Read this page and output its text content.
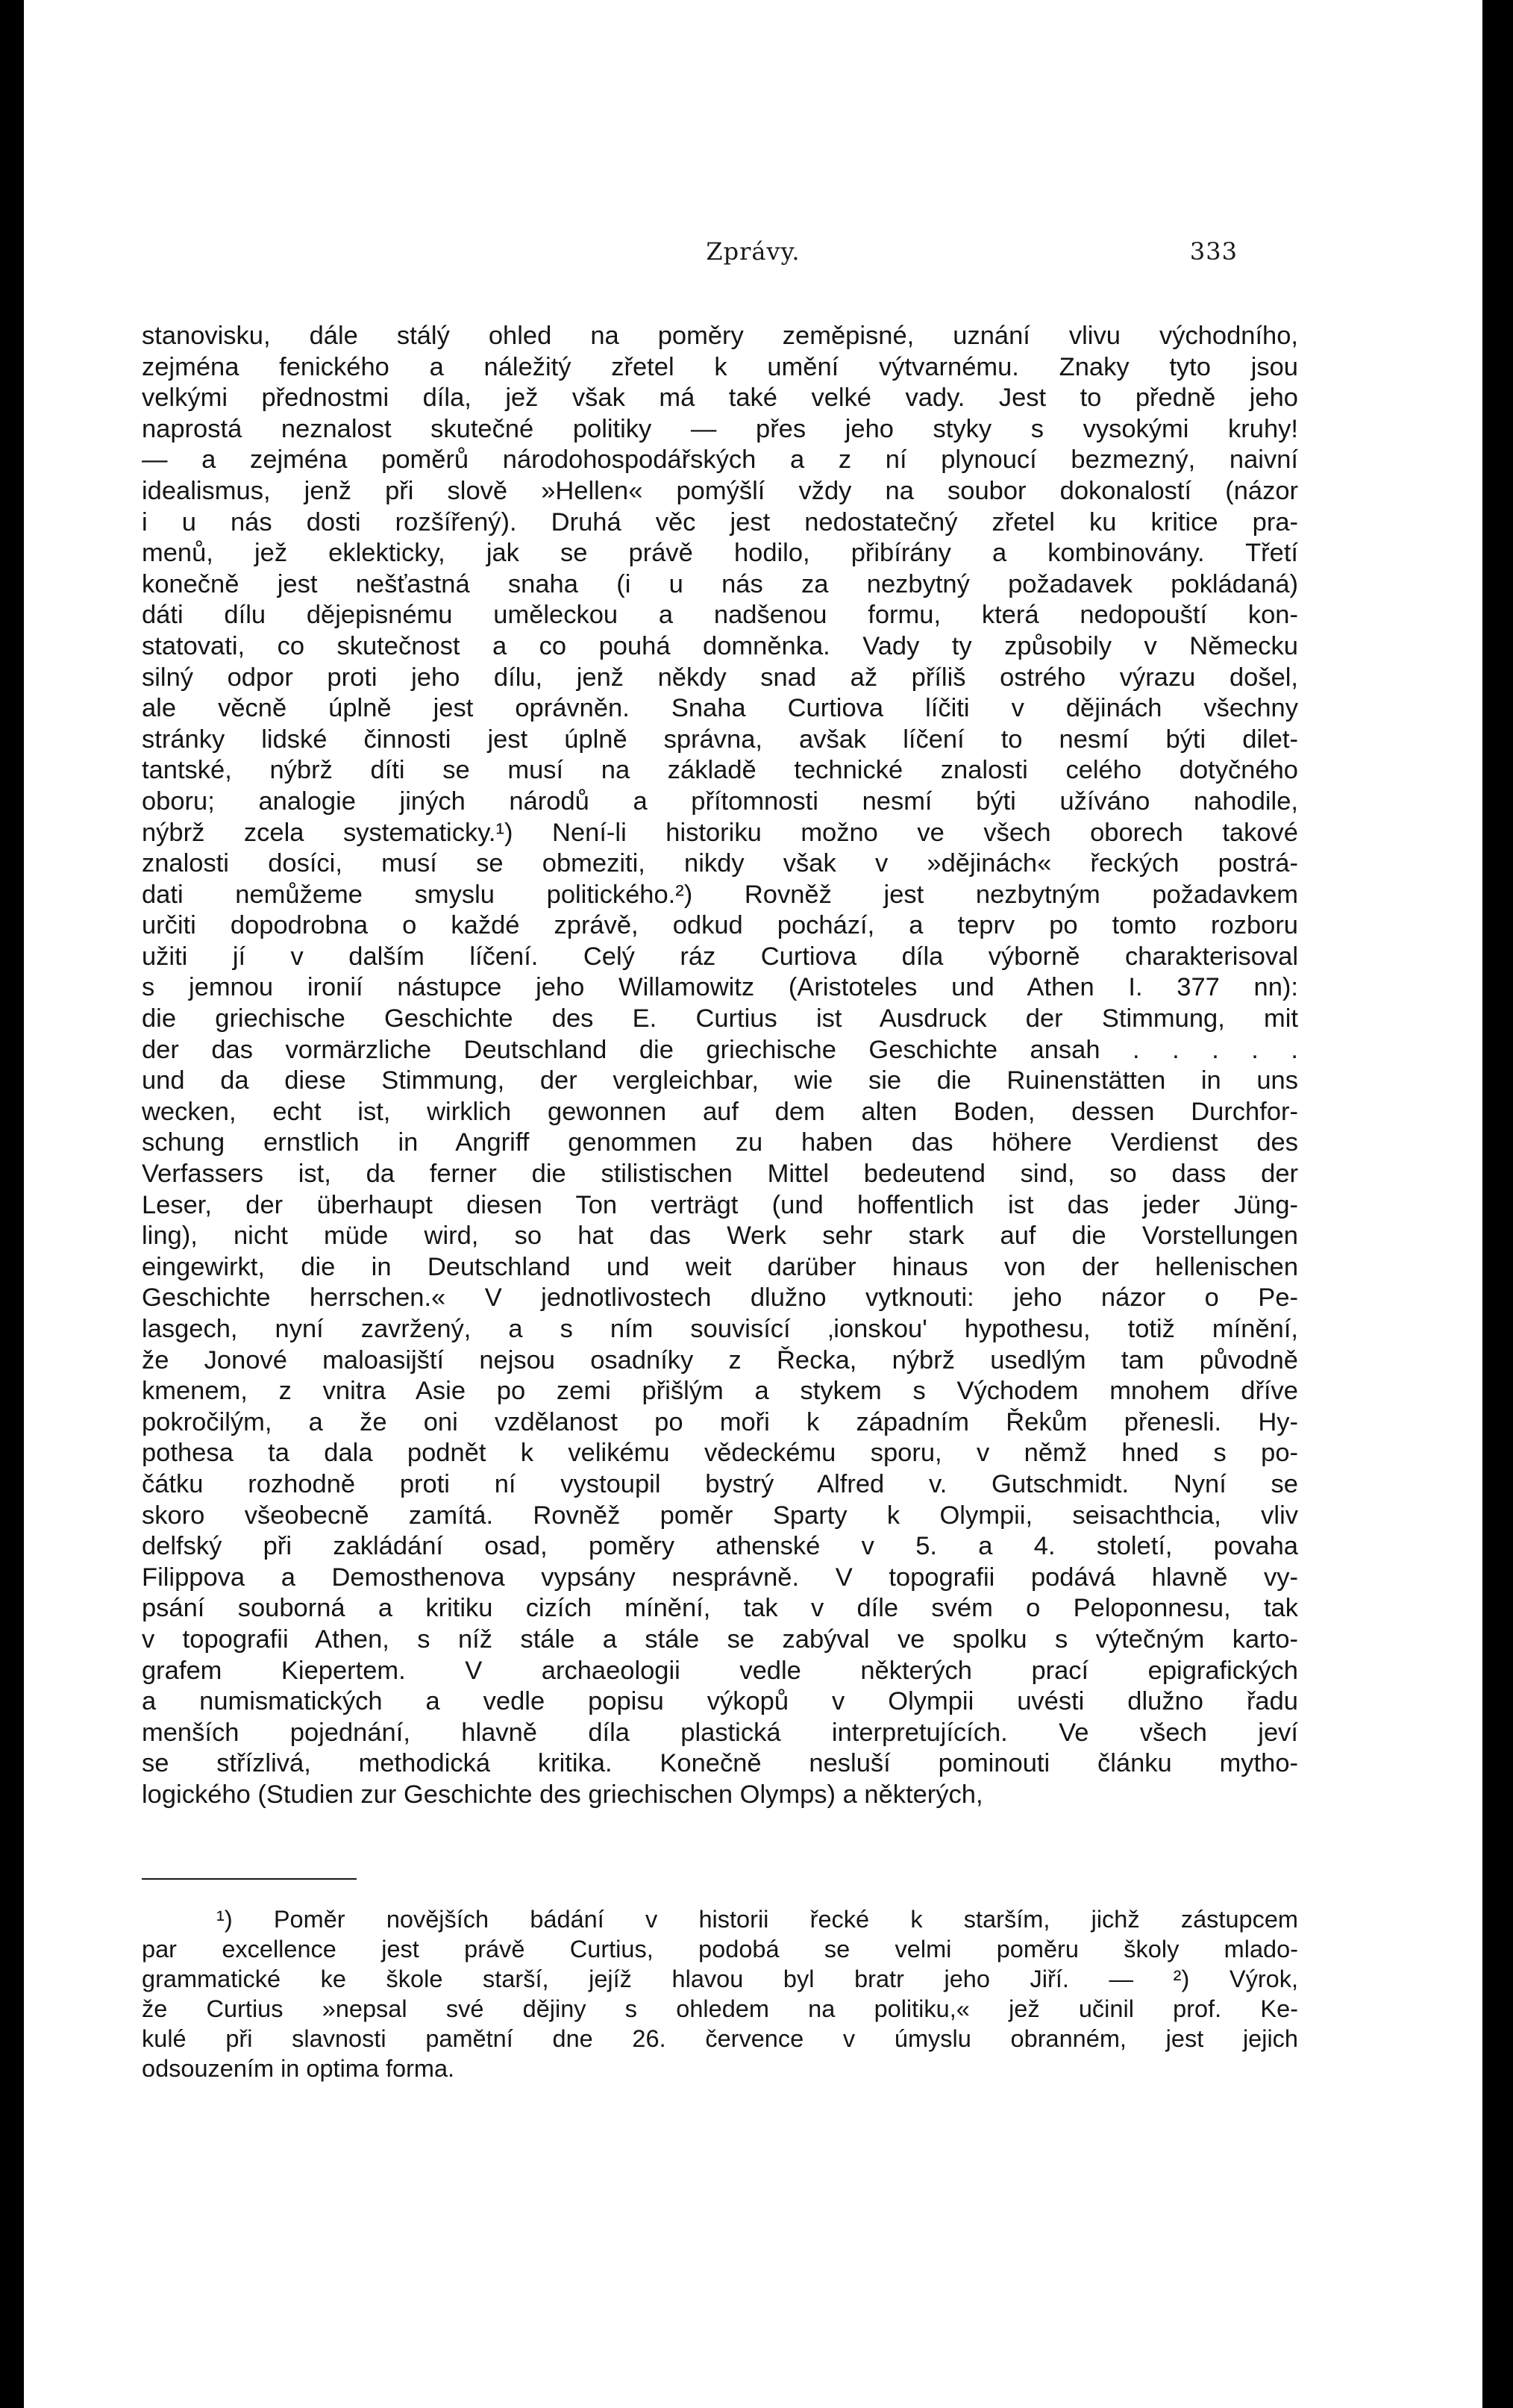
Zprávy.	333
stanovisku, dále stálý ohled na poměry zeměpisné, uznání vlivu východního,
zejména fenického a náležitý zřetel k umění výtvarnému. Znaky tyto jsou
velkými přednostmi díla, jež však má také velké vady. Jest to předně jeho
naprostá neznalost skutečné politiky — přes jeho styky s vysokými kruhy!
— a zejména poměrů národohospodářských a z ní plynoucí bezmezný, naivní
idealismus, jenž při slově »Hellen« pomýšlí vždy na soubor dokonalostí (názor
i u nás dosti rozšířený). Druhá věc jest nedostatečný zřetel ku kritice pra-
menů, jež eklekticky, jak se právě hodilo, přibírány a kombinovány. Třetí
konečně jest nešťastná snaha (i u nás za nezbytný požadavek pokládaná)
dáti dílu dějepisnému uměleckou a nadšenou formu, která nedopouští kon-
statovati, co skutečnost a co pouhá domněnka. Vady ty způsobily v Německu
silný odpor proti jeho dílu, jenž někdy snad až příliš ostrého výrazu došel,
ale věcně úplně jest oprávněn. Snaha Curtiova líčiti v dějinách všechny
stránky lidské činnosti jest úplně správna, avšak líčení to nesmí býti dilet-
tantské, nýbrž díti se musí na základě technické znalosti celého dotyčného
oboru; analogie jiných národů a přítomnosti nesmí býti užíváno nahodile,
nýbrž zcela systematicky.¹) Není-li historiku možno ve všech oborech takové
znalosti dosíci, musí se obmeziti, nikdy však v »dějinách« řeckých postrá-
dati nemůžeme smyslu politického.²) Rovněž jest nezbytným požadavkem
určiti dopodrobna o každé zprávě, odkud pochází, a teprv po tomto rozboru
užiti jí v dalším líčení. Celý ráz Curtiova díla výborně charakterisoval
s jemnou ironií nástupce jeho Willamowitz (Aristoteles und Athen I. 377 nn):
die griechische Geschichte des E. Curtius ist Ausdruck der Stimmung, mit
der das vormärzliche Deutschland die griechische Geschichte ansah . . . . .
und da diese Stimmung, der vergleichbar, wie sie die Ruinenstätten in uns
wecken, echt ist, wirklich gewonnen auf dem alten Boden, dessen Durchfor-
schung ernstlich in Angriff genommen zu haben das höhere Verdienst des
Verfassers ist, da ferner die stilistischen Mittel bedeutend sind, so dass der
Leser, der überhaupt diesen Ton verträgt (und hoffentlich ist das jeder Jüng-
ling), nicht müde wird, so hat das Werk sehr stark auf die Vorstellungen
eingewirkt, die in Deutschland und weit darüber hinaus von der hellenischen
Geschichte herrschen.« V jednotlivostech dlužno vytknouti: jeho názor o Pe-
lasgech, nyní zavržený, a s ním souvisící ‚ionskou' hypothesu, totiž mínění,
že Jonové maloasijští nejsou osadníky z Řecka, nýbrž usedlým tam původně
kmenem, z vnitra Asie po zemi přišlým a stykem s Východem mnohem dříve
pokročilým, a že oni vzdělanost po moři k západním Řekům přenesli. Hy-
pothesa ta dala podnět k velikému vědeckému sporu, v němž hned s po-
čátku rozhodně proti ní vystoupil bystrý Alfred v. Gutschmidt. Nyní se
skoro všeobecně zamítá. Rovněž poměr Sparty k Olympii, seisachthcia, vliv
delfský při zakládání osad, poměry athenské v 5. a 4. století, povaha
Filippova a Demosthenova vypsány nesprávně. V topografii podává hlavně vy-
psání souborná a kritiku cizích mínění, tak v díle svém o Peloponnesu, tak
v topografii Athen, s níž stále a stále se zabýval ve spolku s výtečným karto-
grafem Kiepertem. V archaeologii vedle některých prací epigrafických
a numismatických a vedle popisu výkopů v Olympii uvésti dlužno řadu
menších pojednání, hlavně díla plastická interpretujících. Ve všech jeví
se střízlivá, methodická kritika. Konečně nesluší pominouti článku mytho-
logického (Studien zur Geschichte des griechischen Olymps) a některých,
¹) Poměr novějších bádání v historii řecké k starším, jichž zástupcem
par excellence jest právě Curtius, podobá se velmi poměru školy mlado-
grammatické ke škole starší, jejíž hlavou byl bratr jeho Jiří. — ²) Výrok,
že Curtius »nepsal své dějiny s ohledem na politiku,« jež učinil prof. Ke-
kulé při slavnosti pamětní dne 26. července v úmyslu obranném, jest jejich
odsouzením in optima forma.
